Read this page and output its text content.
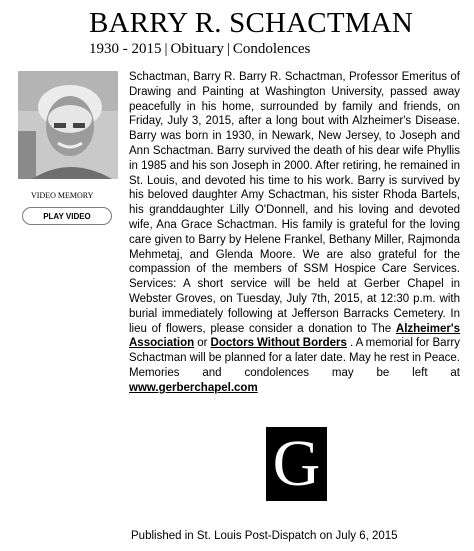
BARRY R. SCHACTMAN
1930 - 2015 | Obituary | Condolences
VIDEO MEMORY
PLAY VIDEO
Schactman, Barry R. Barry R. Schactman, Professor Emeritus of Drawing and Painting at Washington University, passed away peacefully in his home, surrounded by family and friends, on Friday, July 3, 2015, after a long bout with Alzheimer's Disease. Barry was born in 1930, in Newark, New Jersey, to Joseph and Ann Schactman. Barry survived the death of his dear wife Phyllis in 1985 and his son Joseph in 2000. After retiring, he remained in St. Louis, and devoted his time to his work. Barry is survived by his beloved daughter Amy Schactman, his sister Rhoda Bartels, his granddaughter Lilly O'Donnell, and his loving and devoted wife, Ana Grace Schactman. His family is grateful for the loving care given to Barry by Helene Frankel, Bethany Miller, Rajmonda Mehmetaj, and Glenda Moore. We are also grateful for the compassion of the members of SSM Hospice Care Services. Services: A short service will be held at Gerber Chapel in Webster Groves, on Tuesday, July 7th, 2015, at 12:30 p.m. with burial immediately following at Jefferson Barracks Cemetery. In lieu of flowers, please consider a donation to The Alzheimer's Association or Doctors Without Borders . A memorial for Barry Schactman will be planned for a later date. May he rest in Peace. Memories and condolences may be left at www.gerberchapel.com
G
Published in St. Louis Post-Dispatch on July 6, 2015
